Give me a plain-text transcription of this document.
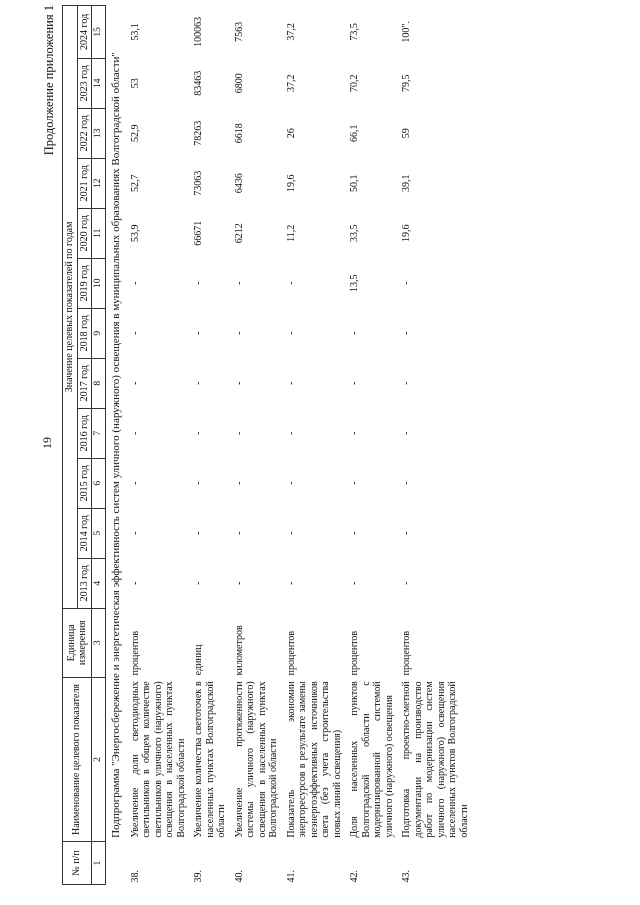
19
Продолжение приложения 1
№ п/п	Наименование целевого показателя	Единица измерения	Значение целевых показателей по годам											
			2013 год	2014 год	2015 год	2016 год	2017 год	2018 год	2019 год	2020 год	2021 год	2022 год	2023 год	2024 год
1	2	3	4	5	6	7	8	9	10	11	12	13	14	15
Подпрограмма "Энергосбережение и энергетическая эффективность систем уличного (наружного) освещения в муниципальных образованиях Волгоградской области"														
38.	Увеличение доли светодиодных светильников в общем количестве светильников уличного (наружного) освещения в населенных пунктах Волгоградской области	процентов	-	-	-	-	-	-	-	53,9	52,7	52,9	53	53,1
39.	Увеличение количества светоточек в населенных пунктах Волгоградской области	единиц	-	-	-	-	-	-	-	66671	73063	78263	83463	100063
40.	Увеличение протяженности системы уличного (наружного) освещения в населенных пунктах Волгоградской области	километров	-	-	-	-	-	-	-	6212	6436	6618	6800	7563
41.	Показатель экономии энергоресурсов в результате замены неэнергоэффективных источников света (без учета строительства новых линий освещения)	процентов	-	-	-	-	-	-	-	11,2	19,6	26	37,2	37,2
42.	Доля населенных пунктов Волгоградской области с модернизированной системой уличного (наружного) освещения	процентов	-	-	-	-	-	-	13,5	33,5	50,1	66,1	70,2	73,5
43.	Подготовка проектно-сметной документации на производство работ по модернизации систем уличного (наружного) освещения населенных пунктов Волгоградской области	процентов	-	-	-	-	-	-	-	19,6	39,1	59	79,5	100".
